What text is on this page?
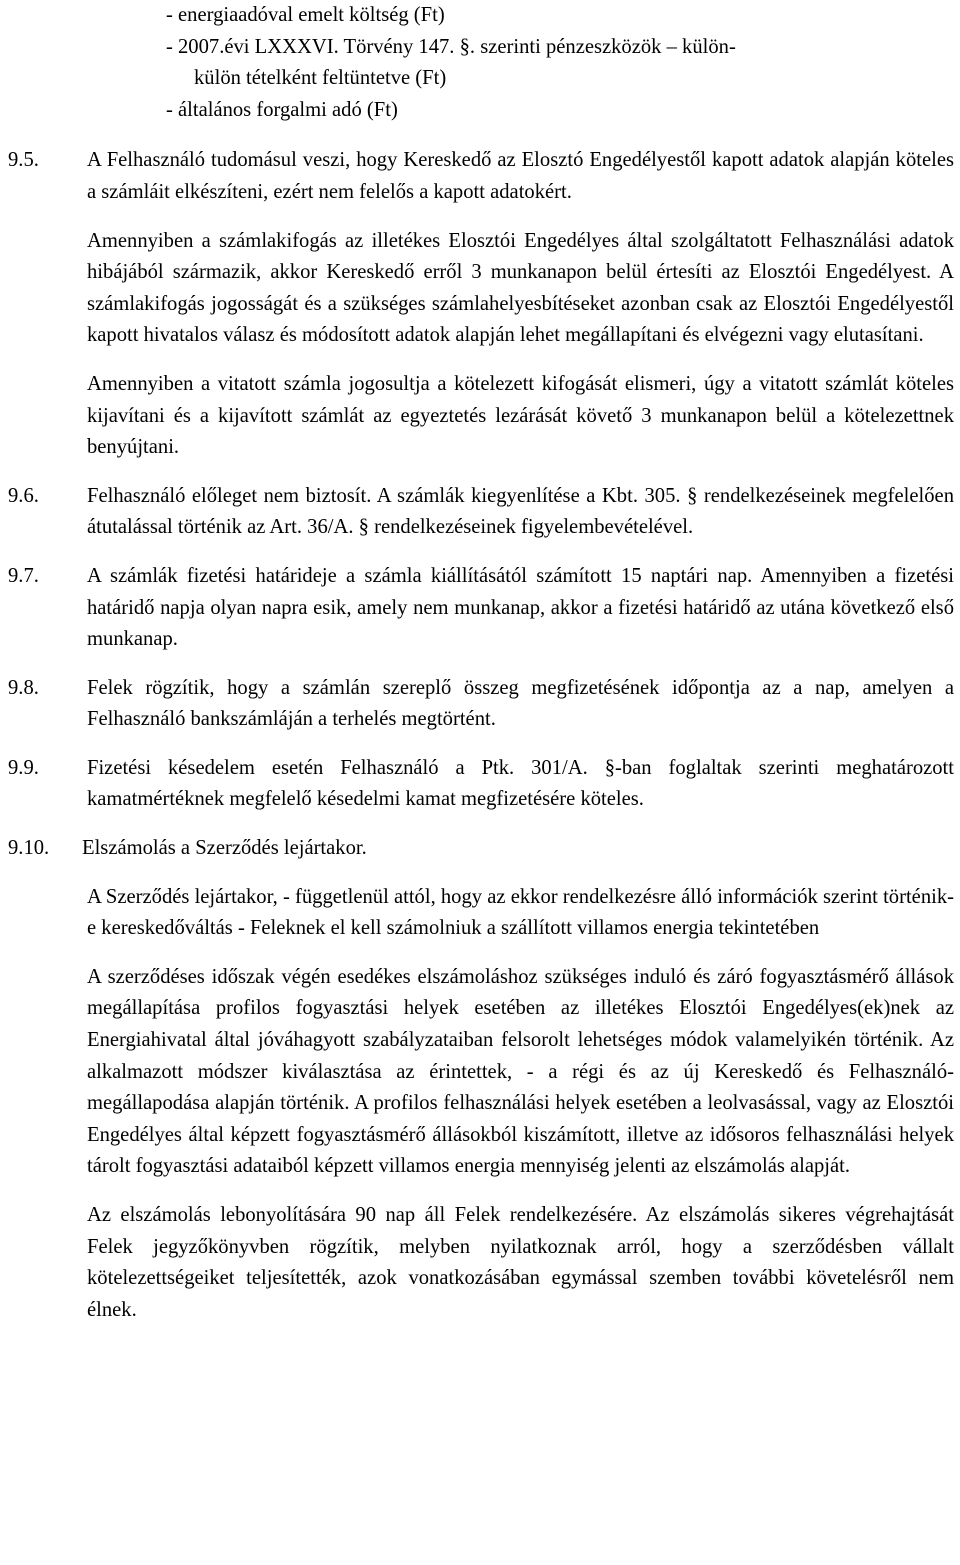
- energiaadóval emelt költség (Ft)

- 2007.évi LXXXVI. Törvény 147. §. szerinti pénzeszközök – külön-

külön tételként feltüntetve (Ft)

- általános forgalmi adó (Ft)

9.5. A Felhasználó tudomásul veszi, hogy Kereskedő az Elosztó Engedélyestől kapott adatok alapján köteles a számláit elkészíteni, ezért nem felelős a kapott adatokért.

Amennyiben a számlakifogás az illetékes Elosztói Engedélyes által szolgáltatott Felhasználási adatok hibájából származik, akkor Kereskedő erről 3 munkanapon belül értesíti az Elosztói Engedélyest. A számlakifogás jogosságát és a szükséges számlahelyesbítéseket azonban csak az Elosztói Engedélyestől kapott hivatalos válasz és módosított adatok alapján lehet megállapítani és elvégezni vagy elutasítani.

Amennyiben a vitatott számla jogosultja a kötelezett kifogását elismeri, úgy a vitatott számlát köteles kijavítani és a kijavított számlát az egyeztetés lezárását követő 3 munkanapon belül a kötelezettnek benyújtani.

9.6. Felhasználó előleget nem biztosít. A számlák kiegyenlítése a Kbt. 305. § rendelkezéseinek megfelelően átutalással történik az Art. 36/A. § rendelkezéseinek figyelembevételével.

9.7. A számlák fizetési határideje a számla kiállításától számított 15 naptári nap. Amennyiben a fizetési határidő napja olyan napra esik, amely nem munkanap, akkor a fizetési határidő az utána következő első munkanap.

9.8. Felek rögzítik, hogy a számlán szereplő összeg megfizetésének időpontja az a nap, amelyen a Felhasználó bankszámláján a terhelés megtörtént.

9.9. Fizetési késedelem esetén Felhasználó a Ptk. 301/A. §-ban foglaltak szerinti meghatározott kamatmértéknek megfelelő késedelmi kamat megfizetésére köteles.

9.10. Elszámolás a Szerződés lejártakor.

A Szerződés lejártakor, - függetlenül attól, hogy az ekkor rendelkezésre álló információk szerint történik-e kereskedőváltás - Feleknek el kell számolniuk a szállított villamos energia tekintetében

A szerződéses időszak végén esedékes elszámoláshoz szükséges induló és záró fogyasztásmérő állások megállapítása profilos fogyasztási helyek esetében az illetékes Elosztói Engedélyes(ek)nek az Energiahivatal által jóváhagyott szabályzataiban felsorolt lehetséges módok valamelyikén történik. Az alkalmazott módszer kiválasztása az érintettek, - a régi és az új Kereskedő és Felhasználó- megállapodása alapján történik. A profilos felhasználási helyek esetében a leolvasással, vagy az Elosztói Engedélyes által képzett fogyasztásmérő állásokból kiszámított, illetve az idősoros felhasználási helyek tárolt fogyasztási adataiból képzett villamos energia mennyiség jelenti az elszámolás alapját.

Az elszámolás lebonyolítására 90 nap áll Felek rendelkezésére. Az elszámolás sikeres végrehajtását Felek jegyzőkönyvben rögzítik, melyben nyilatkoznak arról, hogy a szerződésben vállalt kötelezettségeiket teljesítették, azok vonatkozásában egymással szemben további követelésről nem élnek.
